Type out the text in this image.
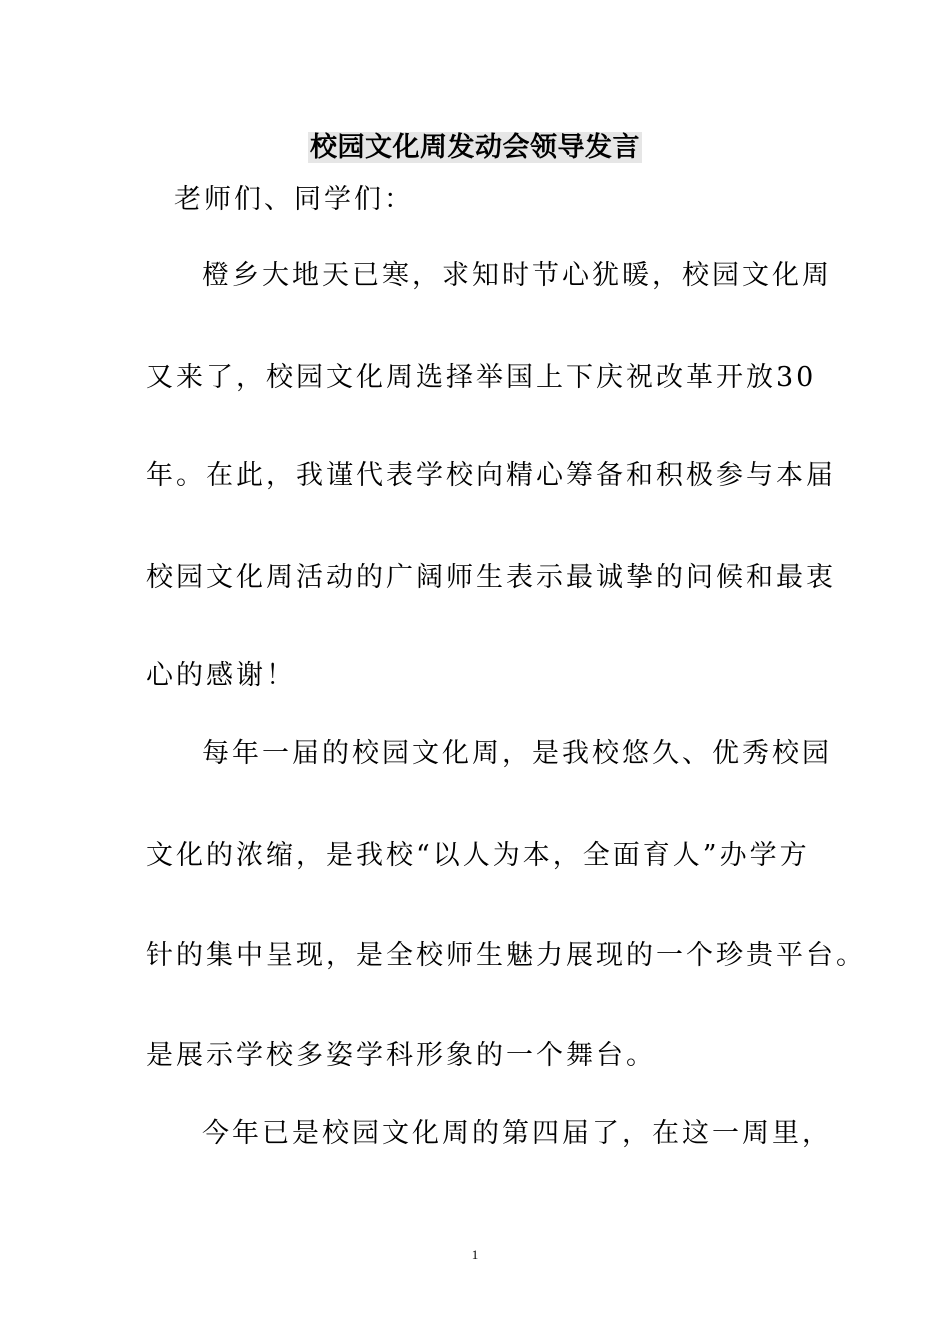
校园文化周发动会领导发言
老师们、同学们：
橙乡大地天已寒，求知时节心犹暖，校园文化周
又来了，校园文化周选择举国上下庆祝改革开放30
年。在此，我谨代表学校向精心筹备和积极参与本届
校园文化周活动的广阔师生表示最诚挚的问候和最衷
心的感谢！
每年一届的校园文化周，是我校悠久、优秀校园
文化的浓缩，是我校“以人为本，全面育人”办学方
针的集中呈现，是全校师生魅力展现的一个珍贵平台。
是展示学校多姿学科形象的一个舞台。
今年已是校园文化周的第四届了，在这一周里，
1
